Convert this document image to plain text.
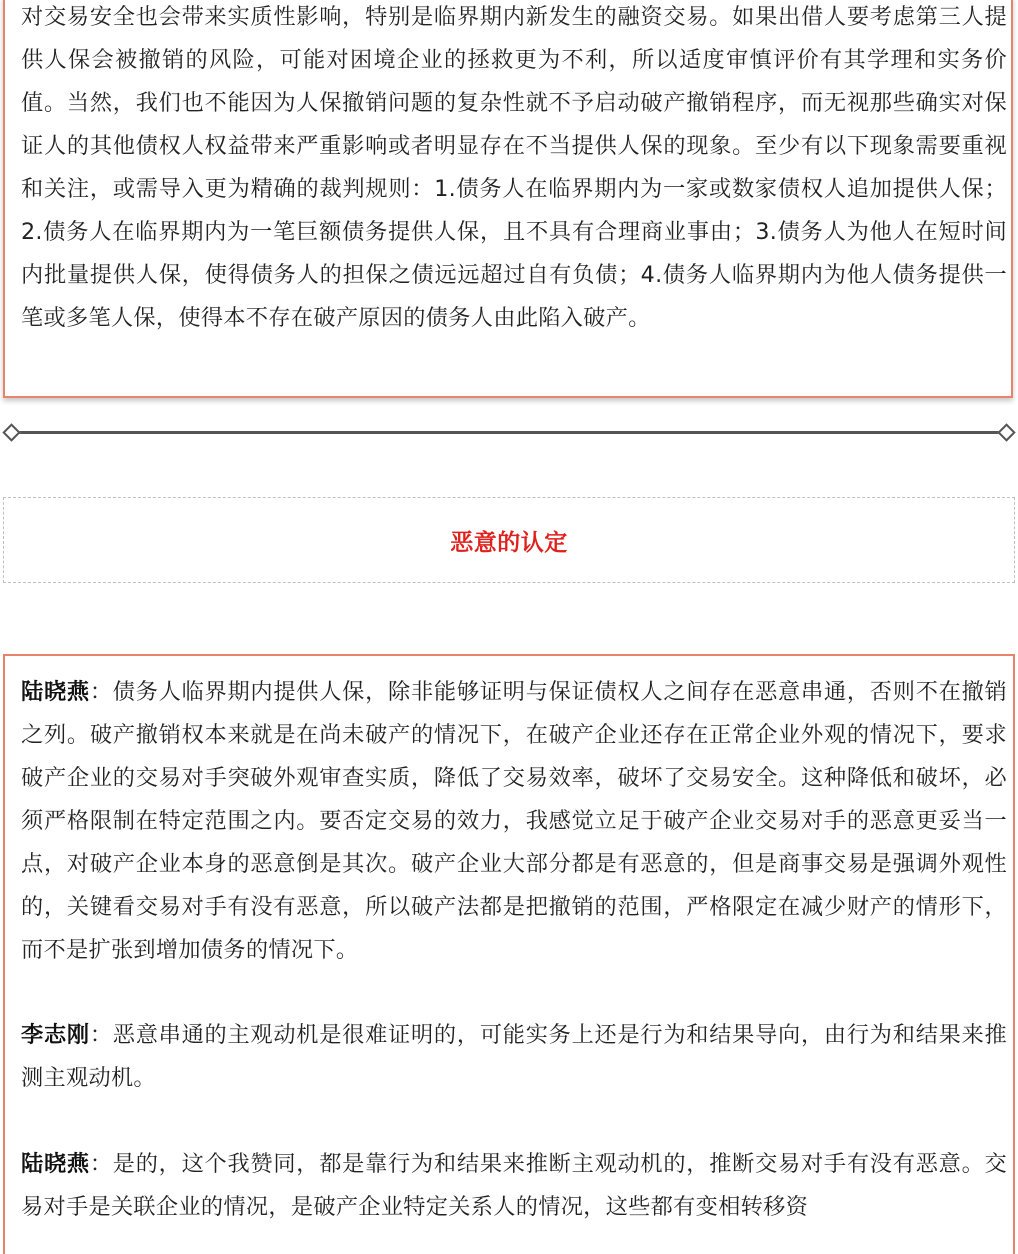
对交易安全也会带来实质性影响，特别是临界期内新发生的融资交易。如果出借人要考虑第三人提供人保会被撤销的风险，可能对困境企业的拯救更为不利，所以适度审慎评价有其学理和实务价值。当然，我们也不能因为人保撤销问题的复杂性就不予启动破产撤销程序，而无视那些确实对保证人的其他债权人权益带来严重影响或者明显存在不当提供人保的现象。至少有以下现象需要重视和关注，或需导入更为精确的裁判规则：1.债务人在临界期内为一家或数家债权人追加提供人保；2.债务人在临界期内为一笔巨额债务提供人保，且不具有合理商业事由；3.债务人为他人在短时间内批量提供人保，使得债务人的担保之债远远超过自有负债；4.债务人临界期内为他人债务提供一笔或多笔人保，使得本不存在破产原因的债务人由此陷入破产。

恶意的认定

陆晓燕：债务人临界期内提供人保，除非能够证明与保证债权人之间存在恶意串通，否则不在撤销之列。破产撤销权本来就是在尚未破产的情况下，在破产企业还存在正常企业外观的情况下，要求破产企业的交易对手突破外观审查实质，降低了交易效率，破坏了交易安全。这种降低和破坏，必须严格限制在特定范围之内。要否定交易的效力，我感觉立足于破产企业交易对手的恶意更妥当一点，对破产企业本身的恶意倒是其次。破产企业大部分都是有恶意的，但是商事交易是强调外观性的，关键看交易对手有没有恶意，所以破产法都是把撤销的范围，严格限定在减少财产的情形下，而不是扩张到增加债务的情况下。

李志刚：恶意串通的主观动机是很难证明的，可能实务上还是行为和结果导向，由行为和结果来推测主观动机。

陆晓燕：是的，这个我赞同，都是靠行为和结果来推断主观动机的，推断交易对手有没有恶意。交易对手是关联企业的情况，是破产企业特定关系人的情况，这些都有变相转移资
